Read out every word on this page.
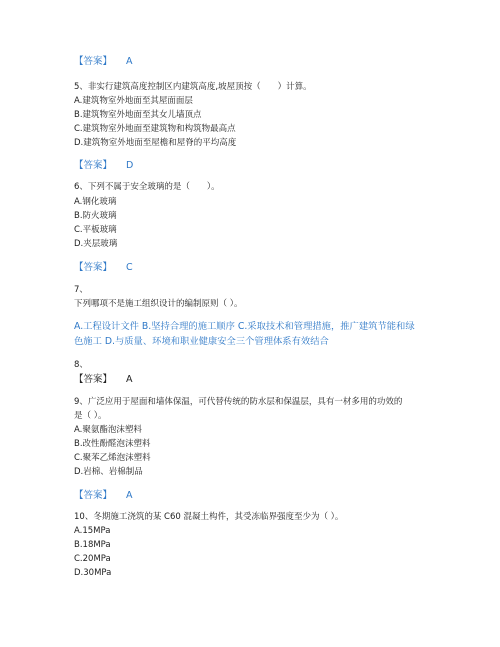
【答案】 A
5、非实行建筑高度控制区内建筑高度,坡屋顶按（　　）计算。
A.建筑物室外地面至其屋面面层
B.建筑物室外地面至其女儿墙顶点
C.建筑物室外地面至建筑物和构筑物最高点
D.建筑物室外地面至屋檐和屋脊的平均高度
【答案】 D
6、下列不属于安全玻璃的是（　　）。
A.钢化玻璃
B.防火玻璃
C.平板玻璃
D.夹层玻璃
【答案】 C
7、
下列哪项不是施工组织设计的编制原则（ ）。
A.工程设计文件 B.坚持合理的施工顺序 C.采取技术和管理措施，推广建筑节能和绿
色施工 D.与质量、环境和职业健康安全三个管理体系有效结合
8、
【答案】 A
9、广泛应用于屋面和墙体保温，可代替传统的防水层和保温层，具有一材多用的功效的
是（ ）。
A.聚氨酯泡沫塑料
B.改性酚醛泡沫塑料
C.聚苯乙烯泡沫塑料
D.岩棉、岩棉制品
【答案】 A
10、冬期施工浇筑的某 C60 混凝土构件，其受冻临界强度至少为（ ）。
A.15MPa
B.18MPa
C.20MPa
D.30MPa
